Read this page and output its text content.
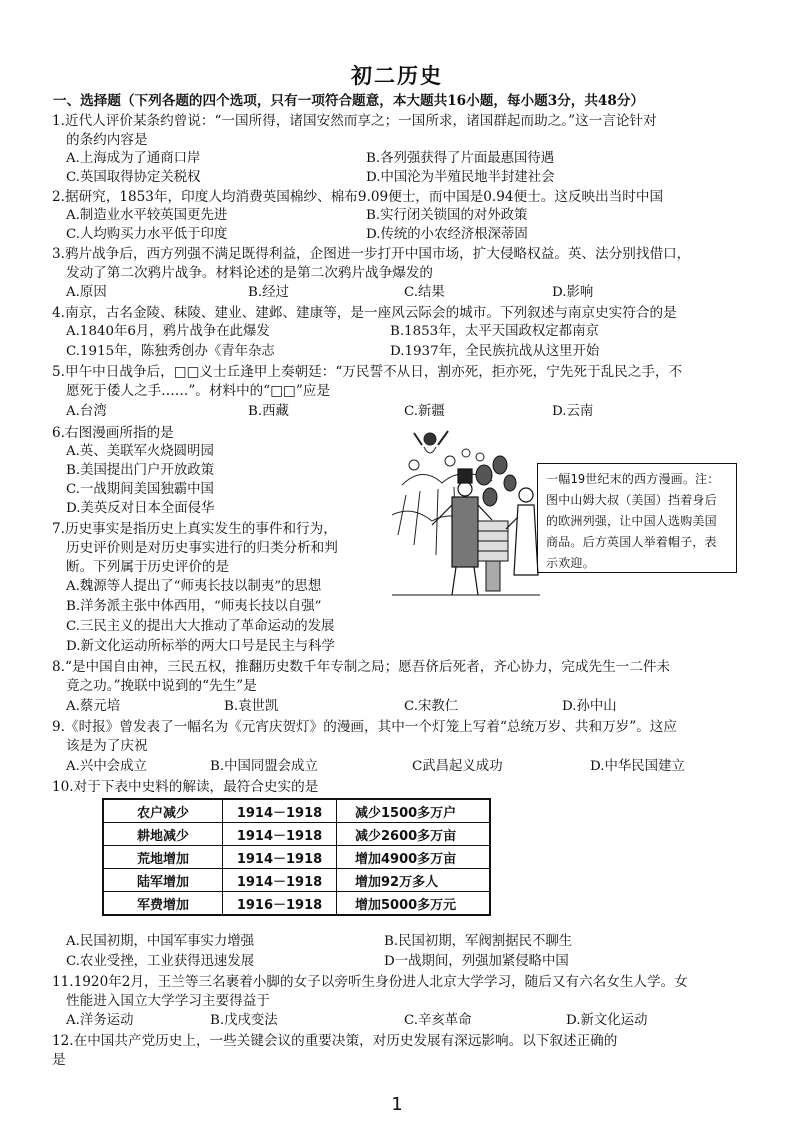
初二历史
一、选择题（下列各题的四个选项，只有一项符合题意，本大题共16小题，每小题3分，共48分）
1.近代人评价某条约曾说：“一国所得，诸国安然而享之；一国所求，诸国群起而助之。”这一言论针对
的条约内容是
A.上海成为了通商口岸	B.各列强获得了片面最惠国待遇
C.英国取得协定关税权	D.中国沦为半殖民地半封建社会
2.据研究，1853年，印度人均消费英国棉纱、棉布9.09便士，而中国是0.94便士。这反映出当时中国
A.制造业水平较英国更先进	B.实行闭关锁国的对外政策
C.人均购买力水平低于印度	D.传统的小农经济根深蒂固
3.鸦片战争后，西方列强不满足既得利益，企图进一步打开中国市场，扩大侵略权益。英、法分别找借口，
发动了第二次鸦片战争。材料论述的是第二次鸦片战争爆发的
A.原因	B.经过	C.结果	D.影响
4.南京，古名金陵、秣陵、建业、建邺、建康等，是一座风云际会的城市。下列叙述与南京史实符合的是
A.1840年6月，鸦片战争在此爆发	B.1853年，太平天国政权定都南京
C.1915年，陈独秀创办《青年杂志	D.1937年，全民族抗战从这里开始
5.甲午中日战争后，□□义士丘逢甲上奏朝廷：“万民誓不从日，割亦死，拒亦死，宁先死于乱民之手，不
愿死于倭人之手……”。材料中的“□□”应是
A.台湾	B.西藏	C.新疆	D.云南
6.右图漫画所指的是
A.英、美联军火烧圆明园
B.美国提出门户开放政策
C.一战期间美国独霸中国
D.美英反对日本全面侵华
一幅19世纪末的西方漫画。注：图中山姆大叔（美国）挡着身后的欧洲列强，让中国人选购美国商品。后方英国人举着帽子，表示欢迎。
7.历史事实是指历史上真实发生的事件和行为，
历史评价则是对历史事实进行的归类分析和判
断。下列属于历史评价的是
A.魏源等人提出了“师夷长技以制夷”的思想
B.洋务派主张中体西用，“师夷长技以自强”
C.三民主义的提出大大推动了革命运动的发展
D.新文化运动所标举的两大口号是民主与科学
8.“是中国自由神，三民五权，推翻历史数千年专制之局；愿吾侪后死者，齐心协力，完成先生一二件未
竟之功。”挽联中说到的“先生”是
A.蔡元培	B.袁世凯	C.宋教仁	D.孙中山
9.《时报》曾发表了一幅名为《元宵庆贺灯》的漫画，其中一个灯笼上写着“总统万岁、共和万岁”。这应
该是为了庆祝
A.兴中会成立	B.中国同盟会成立	C武昌起义成功	D.中华民国建立
10.对于下表中史料的解读，最符合史实的是
农户减少	1914－1918	减少1500多万户
耕地减少	1914－1918	减少2600多万亩
荒地增加	1914－1918	增加4900多万亩
陆军增加	1914－1918	增加92万多人
军费增加	1916－1918	增加5000多万元
A.民国初期，中国军事实力增强	B.民国初期，军阀割据民不聊生
C.农业受挫，工业获得迅速发展	D一战期间，列强加紧侵略中国
11.1920年2月，王兰等三名裹着小脚的女子以旁听生身份进人北京大学学习，随后又有六名女生人学。女
性能进入国立大学学习主要得益于
A.洋务运动	B.戊戌变法	C.辛亥革命	D.新文化运动
12.在中国共产党历史上，一些关键会议的重要决策，对历史发展有深远影响。以下叙述正确的
是
1
